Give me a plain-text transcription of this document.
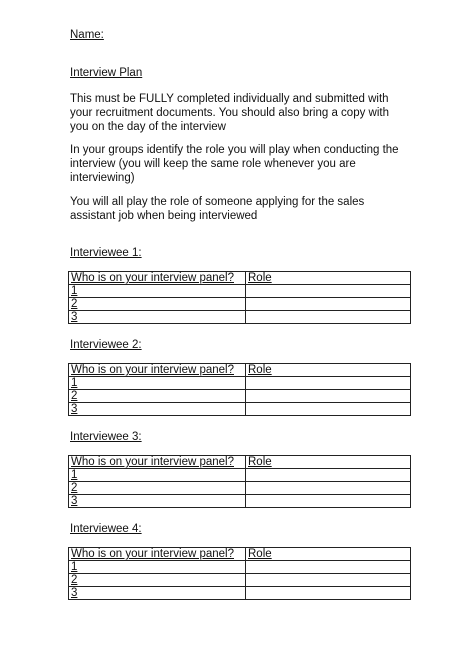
Name:
Interview Plan

This must be FULLY completed individually and submitted with your recruitment documents. You should also bring a copy with you on the day of the interview

In your groups identify the role you will play when conducting the interview (you will keep the same role whenever you are interviewing)

You will all play the role of someone applying for the sales assistant job when being interviewed

Interviewee 1:
Who is on your interview panel?	Role
1	
2	
3	
Interviewee 2:
Who is on your interview panel?	Role
1	
2	
3	
Interviewee 3:
Who is on your interview panel?	Role
1	
2	
3	
Interviewee 4:
Who is on your interview panel?	Role
1	
2	
3	
